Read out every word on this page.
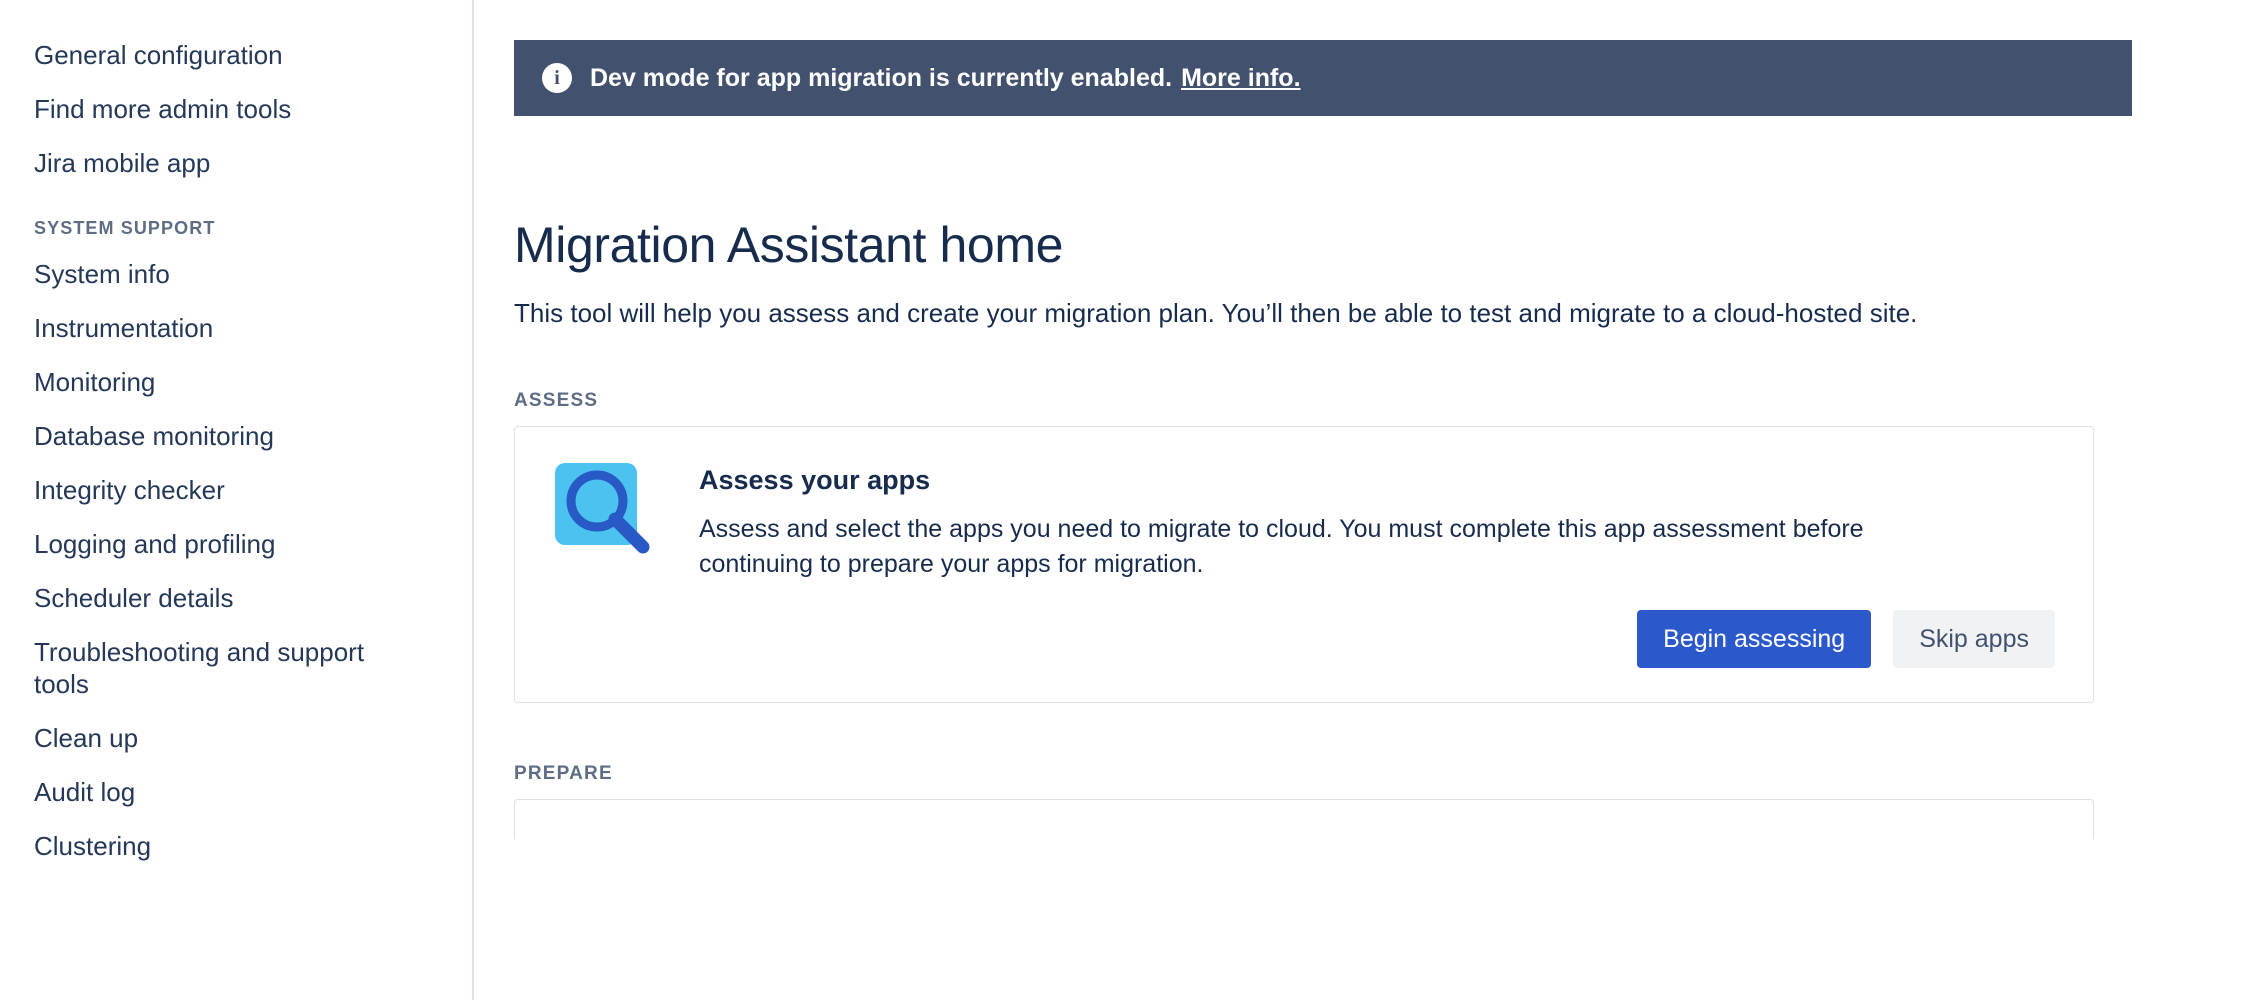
General configuration
Find more admin tools
Jira mobile app
SYSTEM SUPPORT
System info
Instrumentation
Monitoring
Database monitoring
Integrity checker
Logging and profiling
Scheduler details
Troubleshooting and support tools
Clean up
Audit log
Clustering
i	Dev mode for app migration is currently enabled. More info.
Migration Assistant home

This tool will help you assess and create your migration plan. You’ll then be able to test and migrate to a cloud-hosted site.

ASSESS
Assess your apps

Assess and select the apps you need to migrate to cloud. You must complete this app assessment before continuing to prepare your apps for migration.

Begin assessing	Skip apps
PREPARE
